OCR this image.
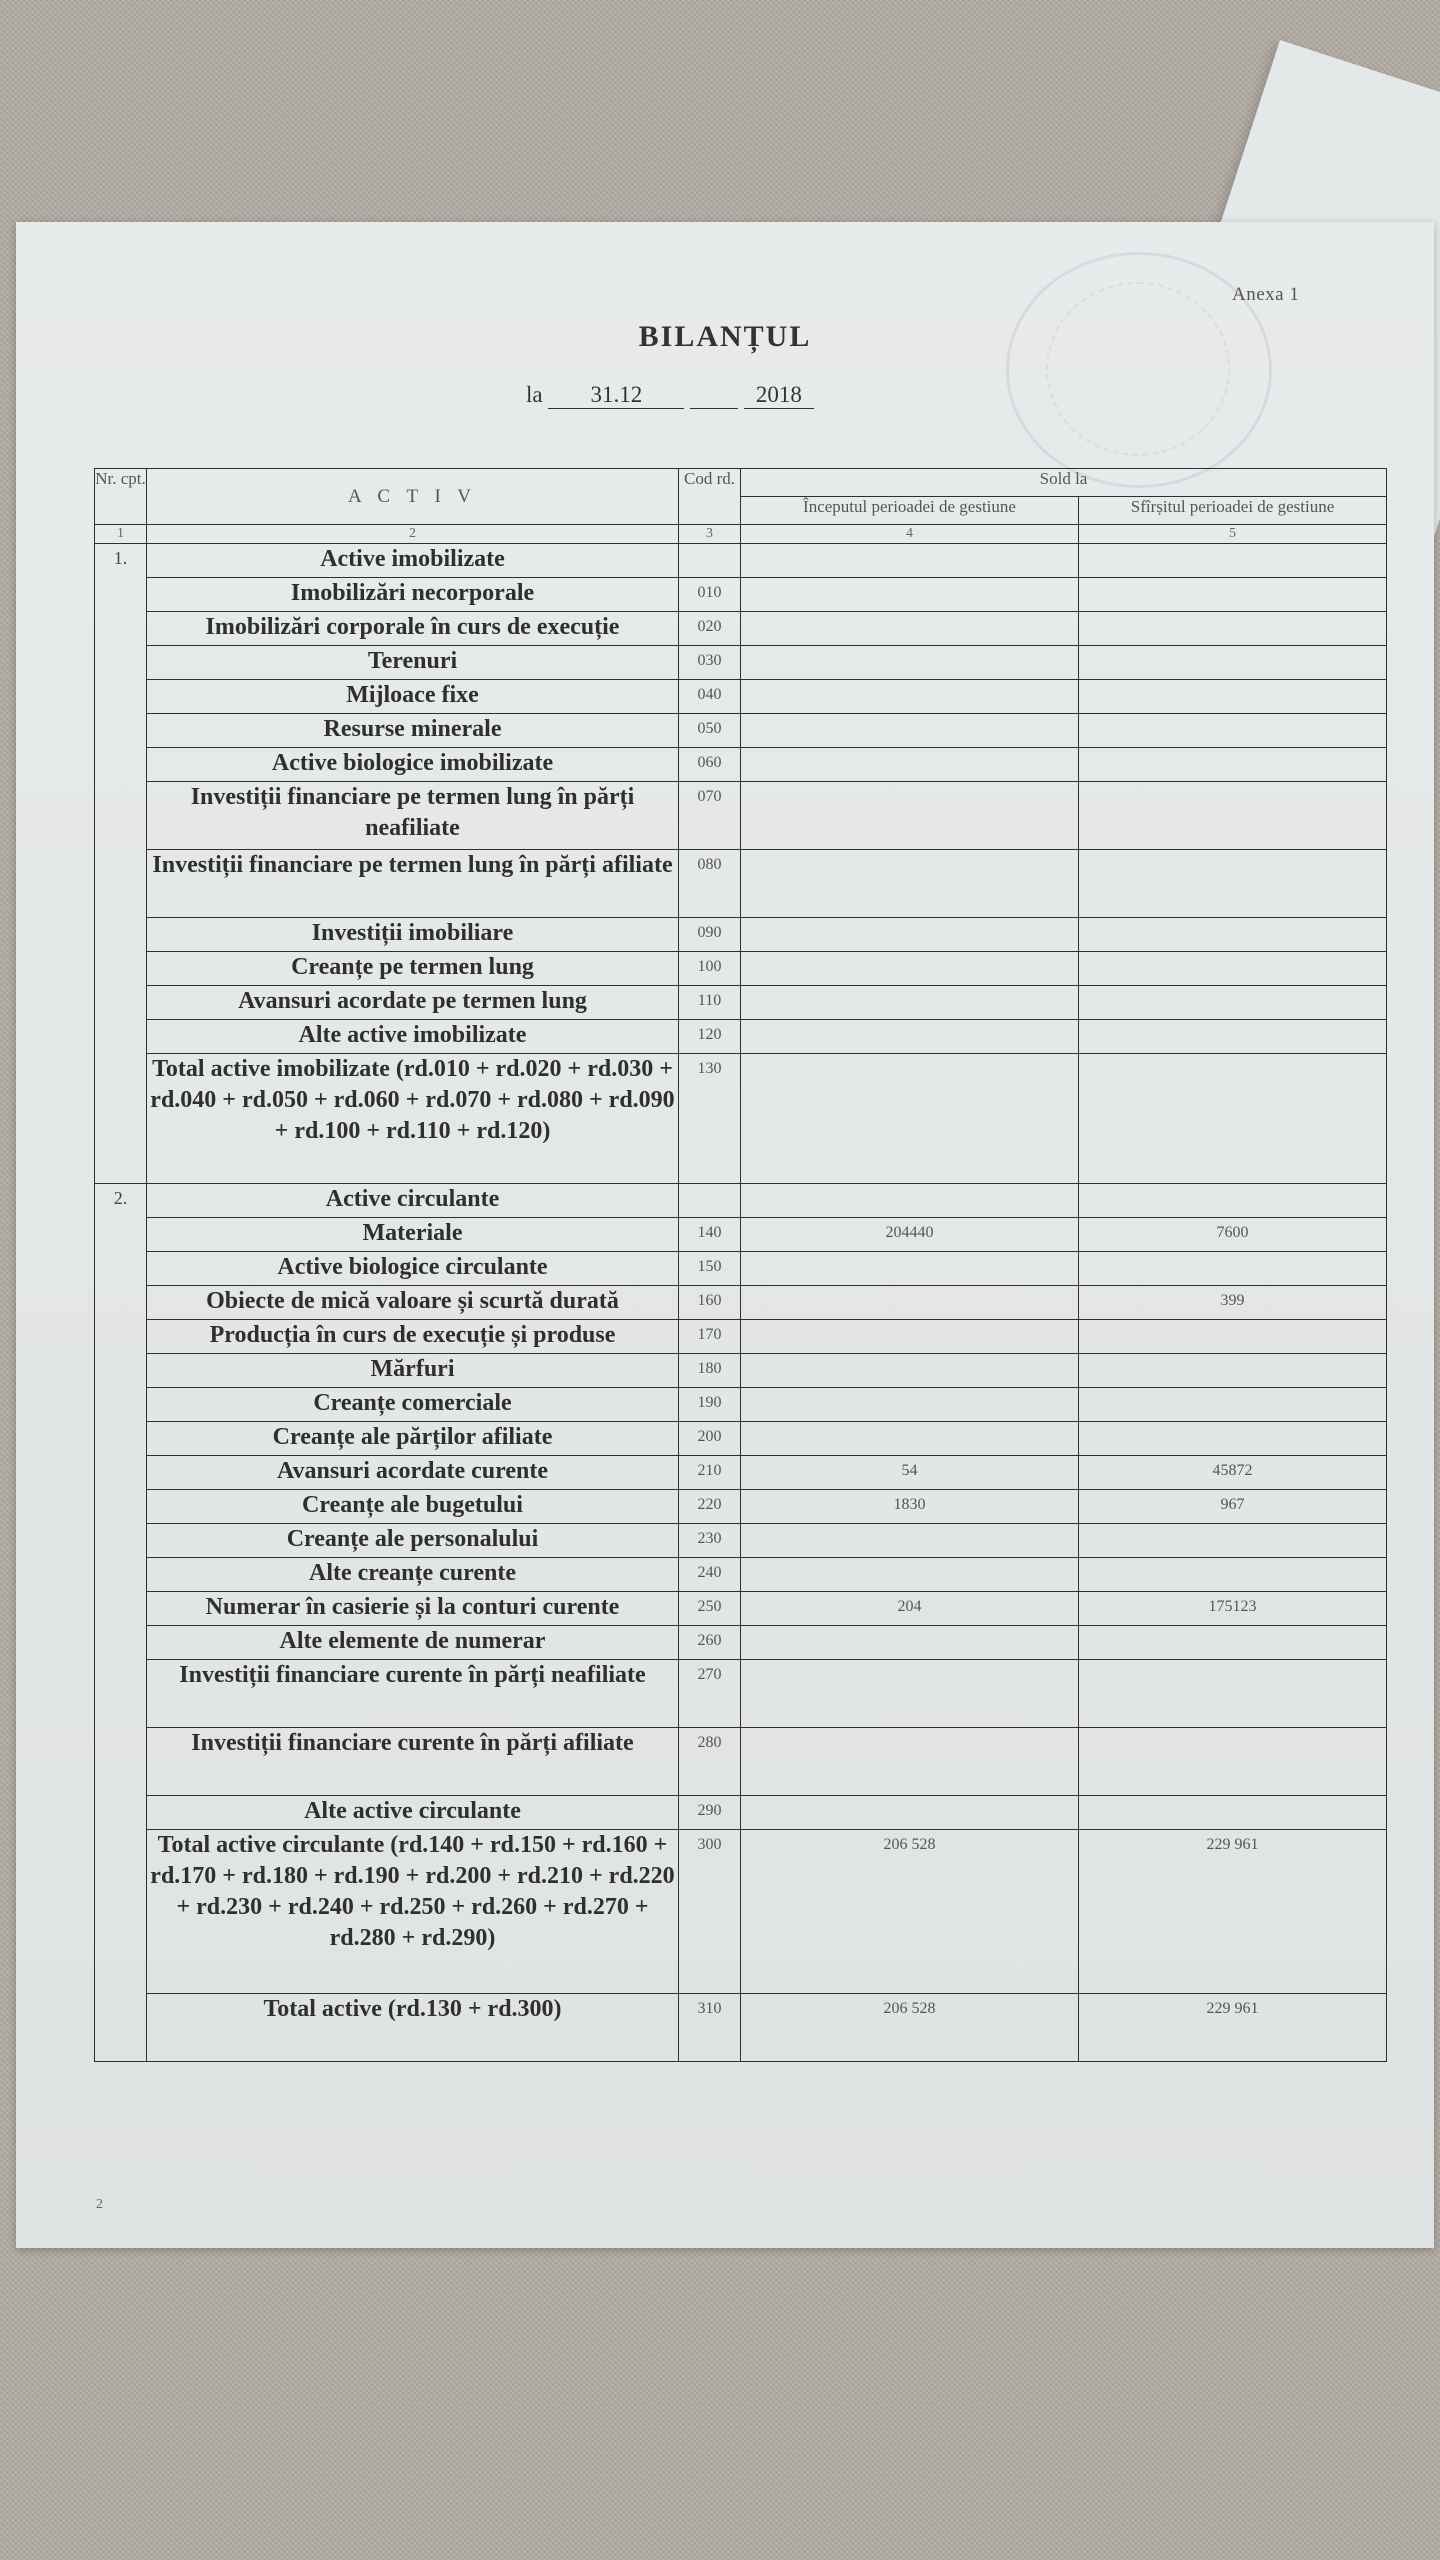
Anexa 1
BILANȚUL
la 31.12	2018
Nr. cpt.	A C T I V	Cod rd.	Sold la	
			Începutul perioadei de gestiune	Sfîrșitul perioadei de gestiune
1	2	3	4	5
1.	Active imobilizate			
	Imobilizări necorporale	010		
	Imobilizări corporale în curs de execuție	020		
	Terenuri	030		
	Mijloace fixe	040		
	Resurse minerale	050		
	Active biologice imobilizate	060		
	Investiții financiare pe termen lung în părți neafiliate	070		
	Investiții financiare pe termen lung în părți afiliate	080		
	Investiții imobiliare	090		
	Creanțe pe termen lung	100		
	Avansuri acordate pe termen lung	110		
	Alte active imobilizate	120		
	Total active imobilizate (rd.010 + rd.020 + rd.030 + rd.040 + rd.050 + rd.060 + rd.070 + rd.080 + rd.090 + rd.100 + rd.110 + rd.120)	130		
2.	Active circulante			
	Materiale	140	204440	7600
	Active biologice circulante	150		
	Obiecte de mică valoare și scurtă durată	160		399
	Producția în curs de execuție și produse	170		
	Mărfuri	180		
	Creanțe comerciale	190		
	Creanțe ale părților afiliate	200		
	Avansuri acordate curente	210	54	45872
	Creanțe ale bugetului	220	1830	967
	Creanțe ale personalului	230		
	Alte creanțe curente	240		
	Numerar în casierie și la conturi curente	250	204	175123
	Alte elemente de numerar	260		
	Investiții financiare curente în părți neafiliate	270		
	Investiții financiare curente în părți afiliate	280		
	Alte active circulante	290		
	Total active circulante (rd.140 + rd.150 + rd.160 + rd.170 + rd.180 + rd.190 + rd.200 + rd.210 + rd.220 + rd.230 + rd.240 + rd.250 + rd.260 + rd.270 + rd.280 + rd.290)	300	206 528	229 961
	Total active (rd.130 + rd.300)	310	206 528	229 961
2
